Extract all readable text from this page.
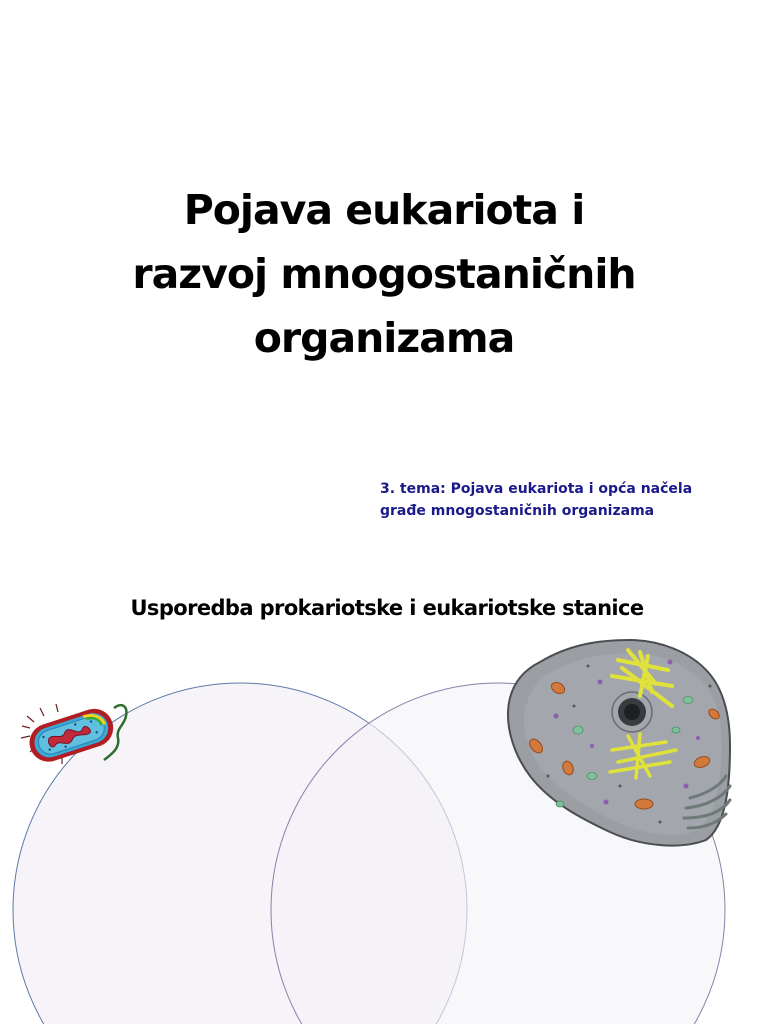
Pojava eukariota i
razvoj mnogostaničnih
organizama

3. tema: Pojava eukariota i opća načela
građe mnogostaničnih organizama

Usporedba prokariotske i eukariotske stanice
